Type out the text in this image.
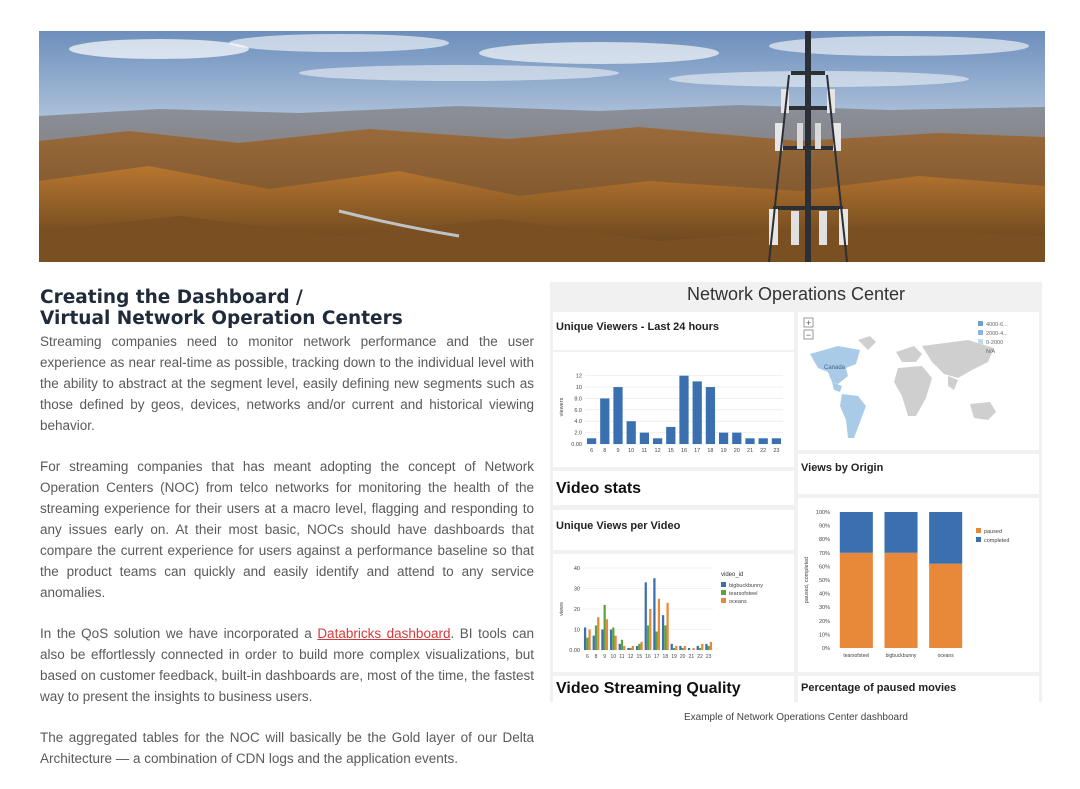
Creating the Dashboard /
Virtual Network Operation Centers

Streaming companies need to monitor network performance and the user experience as near real-time as possible, tracking down to the individual level with the ability to abstract at the segment level, easily defining new segments such as those defined by geos, devices, networks and/or current and historical viewing behavior.

For streaming companies that has meant adopting the concept of Network Operation Centers (NOC) from telco networks for monitoring the health of the streaming experience for their users at a macro level, flagging and responding to any issues early on. At their most basic, NOCs should have dashboards that compare the current experience for users against a performance baseline so that the product teams can quickly and easily identify and attend to any service anomalies.

In the QoS solution we have incorporated a Databricks dashboard. BI tools can also be effortlessly connected in order to build more complex visualizations, but based on customer feedback, built-in dashboards are, most of the time, the fastest way to present the insights to business users.

The aggregated tables for the NOC will basically be the Gold layer of our Delta Architecture — a combination of CDN logs and the application events.

Network Operations Center
Unique Viewers - Last 24 hours
0.00
2.0
4.0
6.0
8.0
10
12
viewers
6 8 9 10 11 12 15 16 17 18 19 20 21 22 23
Video stats
Unique Views per Video
0.00
10
20
30
40
views
6 8 9 10 11 12 15 16 17 18 19 20 21 22 23
video_id
bigbuckbunny
tearsofsteel
oceans
Video Streaming Quality
+
−
Canada
4000-6...
2000-4...
0-2000
N/A
Views by Origin
0%
10%
20%
30%
40%
50%
60%
70%
80%
90%
100%
paused, completed
tearsofsteel	bigbuckbunny	oceans
paused
completed
Percentage of paused movies
Example of Network Operations Center dashboard
